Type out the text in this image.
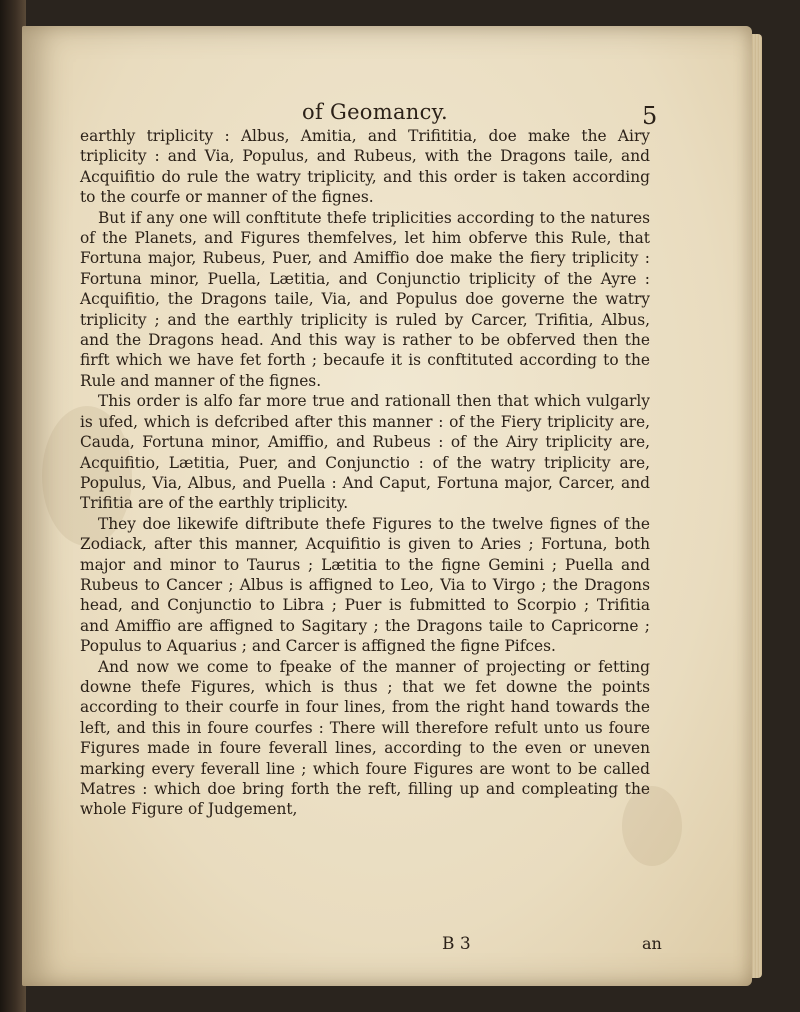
of Geomancy.	5

earthly triplicity : Albus, Amitia, and Trifititia, doe make the Airy triplicity : and Via, Populus, and Rubeus, with the Dragons taile, and Acquifitio do rule the watry triplicity, and this order is taken according to the courfe or manner of the fignes.

But if any one will conftitute thefe triplicities according to the natures of the Planets, and Figures themfelves, let him obferve this Rule, that Fortuna major, Rubeus, Puer, and Amiffio doe make the fiery triplicity : Fortuna minor, Puella, Lætitia, and Conjunctio triplicity of the Ayre : Acquifitio, the Dragons taile, Via, and Populus doe governe the watry triplicity ; and the earthly triplicity is ruled by Carcer, Trifitia, Albus, and the Dragons head. And this way is rather to be obferved then the firft which we have fet forth ; becaufe it is conftituted according to the Rule and manner of the fignes.

This order is alfo far more true and rationall then that which vulgarly is ufed, which is defcribed after this manner : of the Fiery triplicity are, Cauda, Fortuna minor, Amiffio, and Rubeus : of the Airy triplicity are, Acquifitio, Lætitia, Puer, and Conjunctio : of the watry triplicity are, Populus, Via, Albus, and Puella : And Caput, Fortuna major, Carcer, and Trifitia are of the earthly triplicity.

They doe likewife diftribute thefe Figures to the twelve fignes of the Zodiack, after this manner, Acquifitio is given to Aries ; Fortuna, both major and minor to Taurus ; Lætitia to the figne Gemini ; Puella and Rubeus to Cancer ; Albus is affigned to Leo, Via to Virgo ; the Dragons head, and Conjunctio to Libra ; Puer is fubmitted to Scorpio ; Trifitia and Amiffio are affigned to Sagitary ; the Dragons taile to Capricorne ; Populus to Aquarius ; and Carcer is affigned the figne Pifces.

And now we come to fpeake of the manner of projecting or fetting downe thefe Figures, which is thus ; that we fet downe the points according to their courfe in four lines, from the right hand towards the left, and this in foure courfes : There will therefore refult unto us foure Figures made in foure feverall lines, according to the even or uneven marking every feverall line ; which foure Figures are wont to be called Matres : which doe bring forth the reft, filling up and compleating the whole Figure of Judgement,

B 3	an
